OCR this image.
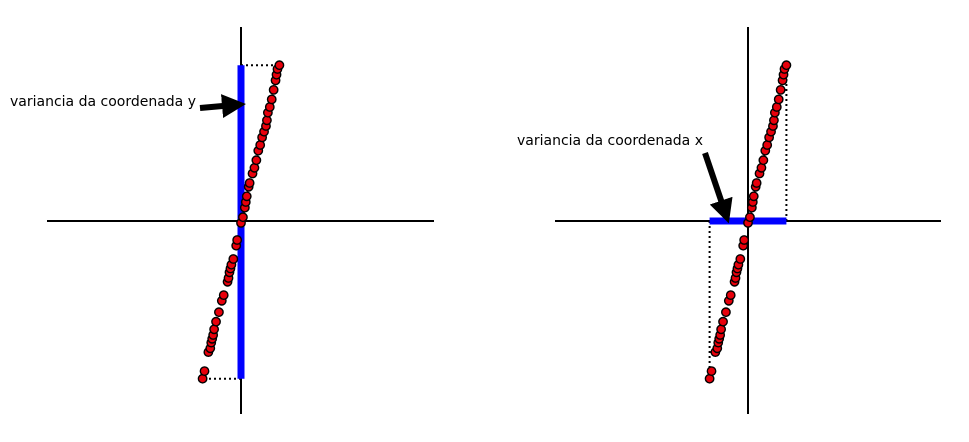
variancia da coordenada y
variancia da coordenada x
